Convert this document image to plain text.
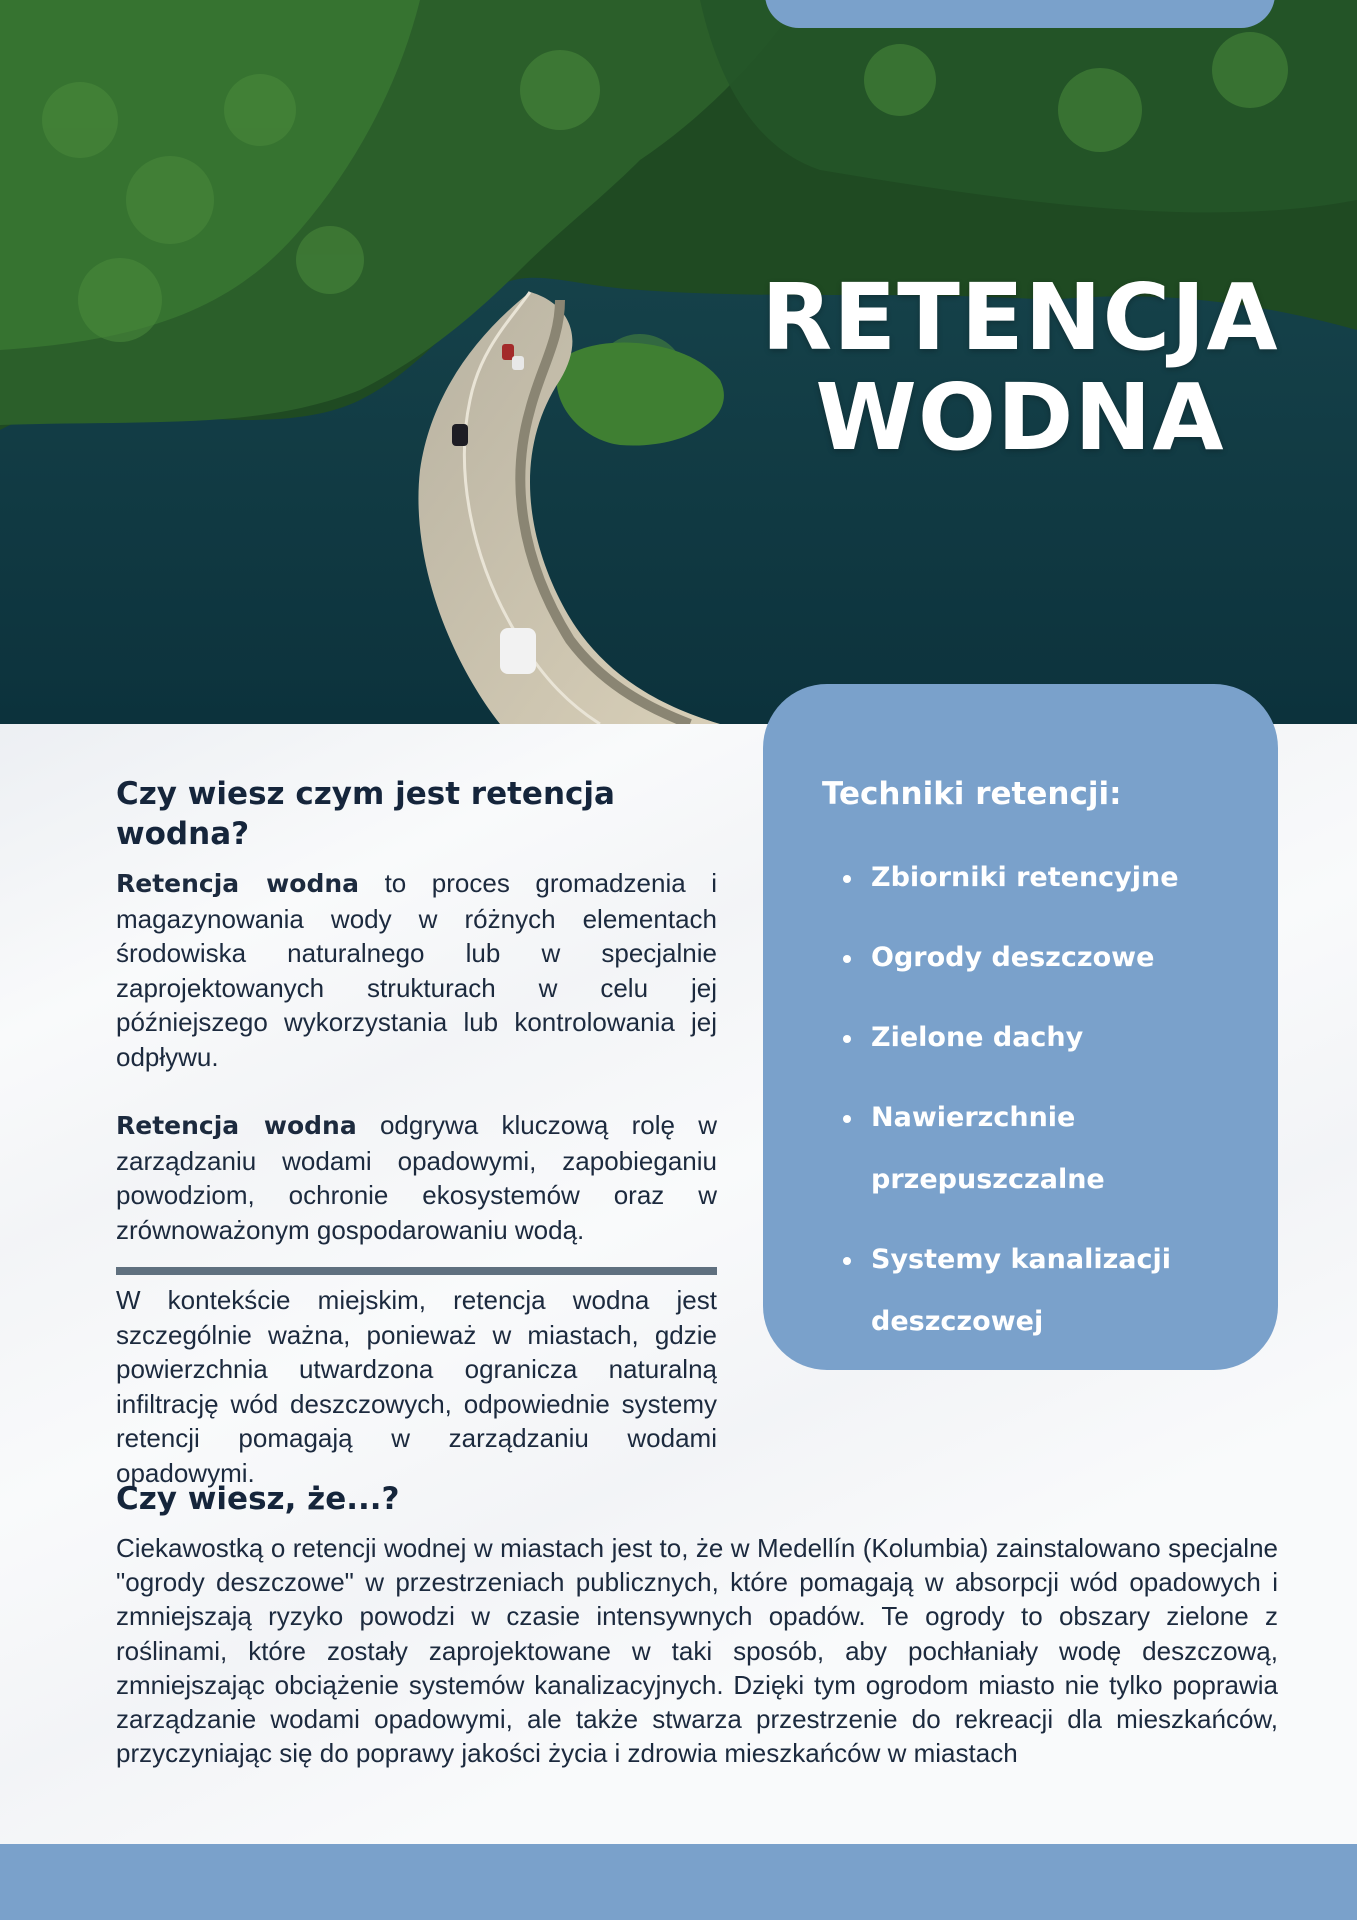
RETENCJA
WODNA
Czy wiesz czym jest retencja wodna?

Retencja wodna to proces gromadzenia i magazynowania wody w różnych elementach środowiska naturalnego lub w specjalnie zaprojektowanych strukturach w celu jej późniejszego wykorzystania lub kontrolowania jej odpływu.

Retencja wodna odgrywa kluczową rolę w zarządzaniu wodami opadowymi, zapobieganiu powodziom, ochronie ekosystemów oraz w zrównoważonym gospodarowaniu wodą.

W kontekście miejskim, retencja wodna jest szczególnie ważna, ponieważ w miastach, gdzie powierzchnia utwardzona ogranicza naturalną infiltrację wód deszczowych, odpowiednie systemy retencji pomagają w zarządzaniu wodami opadowymi.

Techniki retencji:
Zbiorniki retencyjne
Ogrody deszczowe
Zielone dachy
Nawierzchnie przepuszczalne
Systemy kanalizacji deszczowej
Czy wiesz, że...?

Ciekawostką o retencji wodnej w miastach jest to, że w Medellín (Kolumbia) zainstalowano specjalne "ogrody deszczowe" w przestrzeniach publicznych, które pomagają w absorpcji wód opadowych i zmniejszają ryzyko powodzi w czasie intensywnych opadów. Te ogrody to obszary zielone z roślinami, które zostały zaprojektowane w taki sposób, aby pochłaniały wodę deszczową, zmniejszając obciążenie systemów kanalizacyjnych. Dzięki tym ogrodom miasto nie tylko poprawia zarządzanie wodami opadowymi, ale także stwarza przestrzenie do rekreacji dla mieszkańców, przyczyniając się do poprawy jakości życia i zdrowia mieszkańców w miastach
